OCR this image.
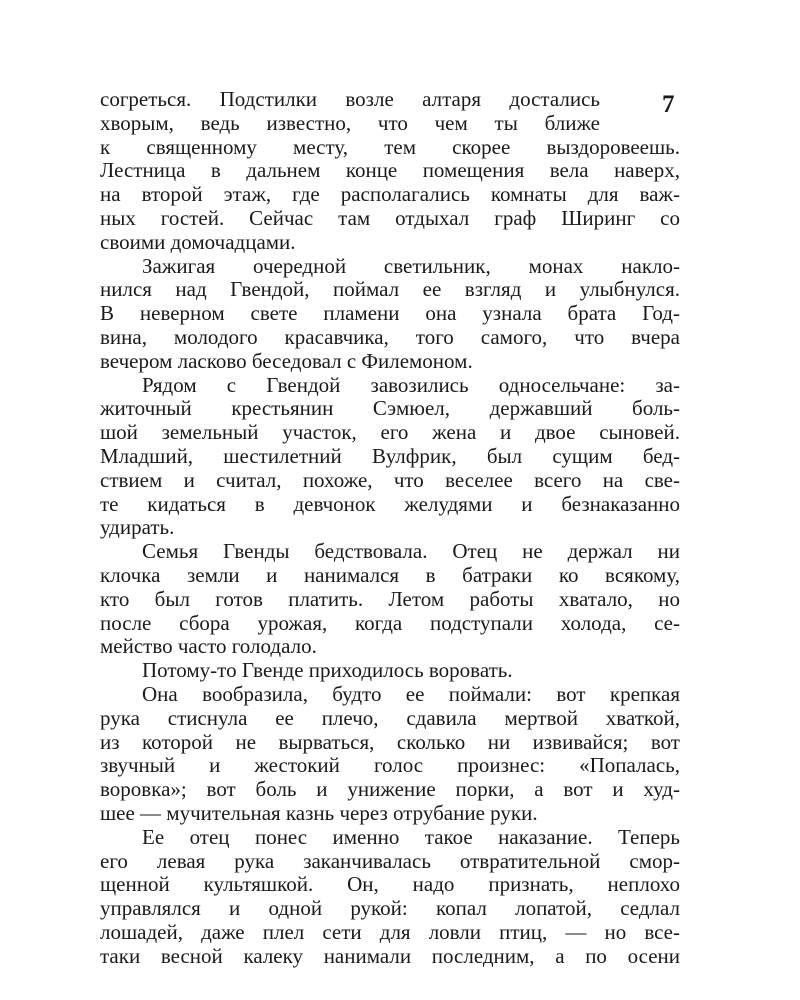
7
согреться. Подстилки возле алтаря достались
хворым, ведь известно, что чем ты ближе
к священному месту, тем скорее выздоровеешь.
Лестница в дальнем конце помещения вела наверх,
на второй этаж, где располагались комнаты для важ-
ных гостей. Сейчас там отдыхал граф Ширинг со
своими домочадцами.
Зажигая очередной светильник, монах накло-
нился над Гвендой, поймал ее взгляд и улыбнулся.
В неверном свете пламени она узнала брата Год-
вина, молодого красавчика, того самого, что вчера
вечером ласково беседовал с Филемоном.
Рядом с Гвендой завозились односельчане: за-
житочный крестьянин Сэмюел, державший боль-
шой земельный участок, его жена и двое сыновей.
Младший, шестилетний Вулфрик, был сущим бед-
ствием и считал, похоже, что веселее всего на све-
те кидаться в девчонок желудями и безнаказанно
удирать.
Семья Гвенды бедствовала. Отец не держал ни
клочка земли и нанимался в батраки ко всякому,
кто был готов платить. Летом работы хватало, но
после сбора урожая, когда подступали холода, се-
мейство часто голодало.
Потому-то Гвенде приходилось воровать.
Она вообразила, будто ее поймали: вот крепкая
рука стиснула ее плечо, сдавила мертвой хваткой,
из которой не вырваться, сколько ни извивайся; вот
звучный и жестокий голос произнес: «Попалась,
воровка»; вот боль и унижение порки, а вот и худ-
шее — мучительная казнь через отрубание руки.
Ее отец понес именно такое наказание. Теперь
его левая рука заканчивалась отвратительной смор-
щенной культяшкой. Он, надо признать, неплохо
управлялся и одной рукой: копал лопатой, седлал
лошадей, даже плел сети для ловли птиц, — но все-
таки весной калеку нанимали последним, а по осени
